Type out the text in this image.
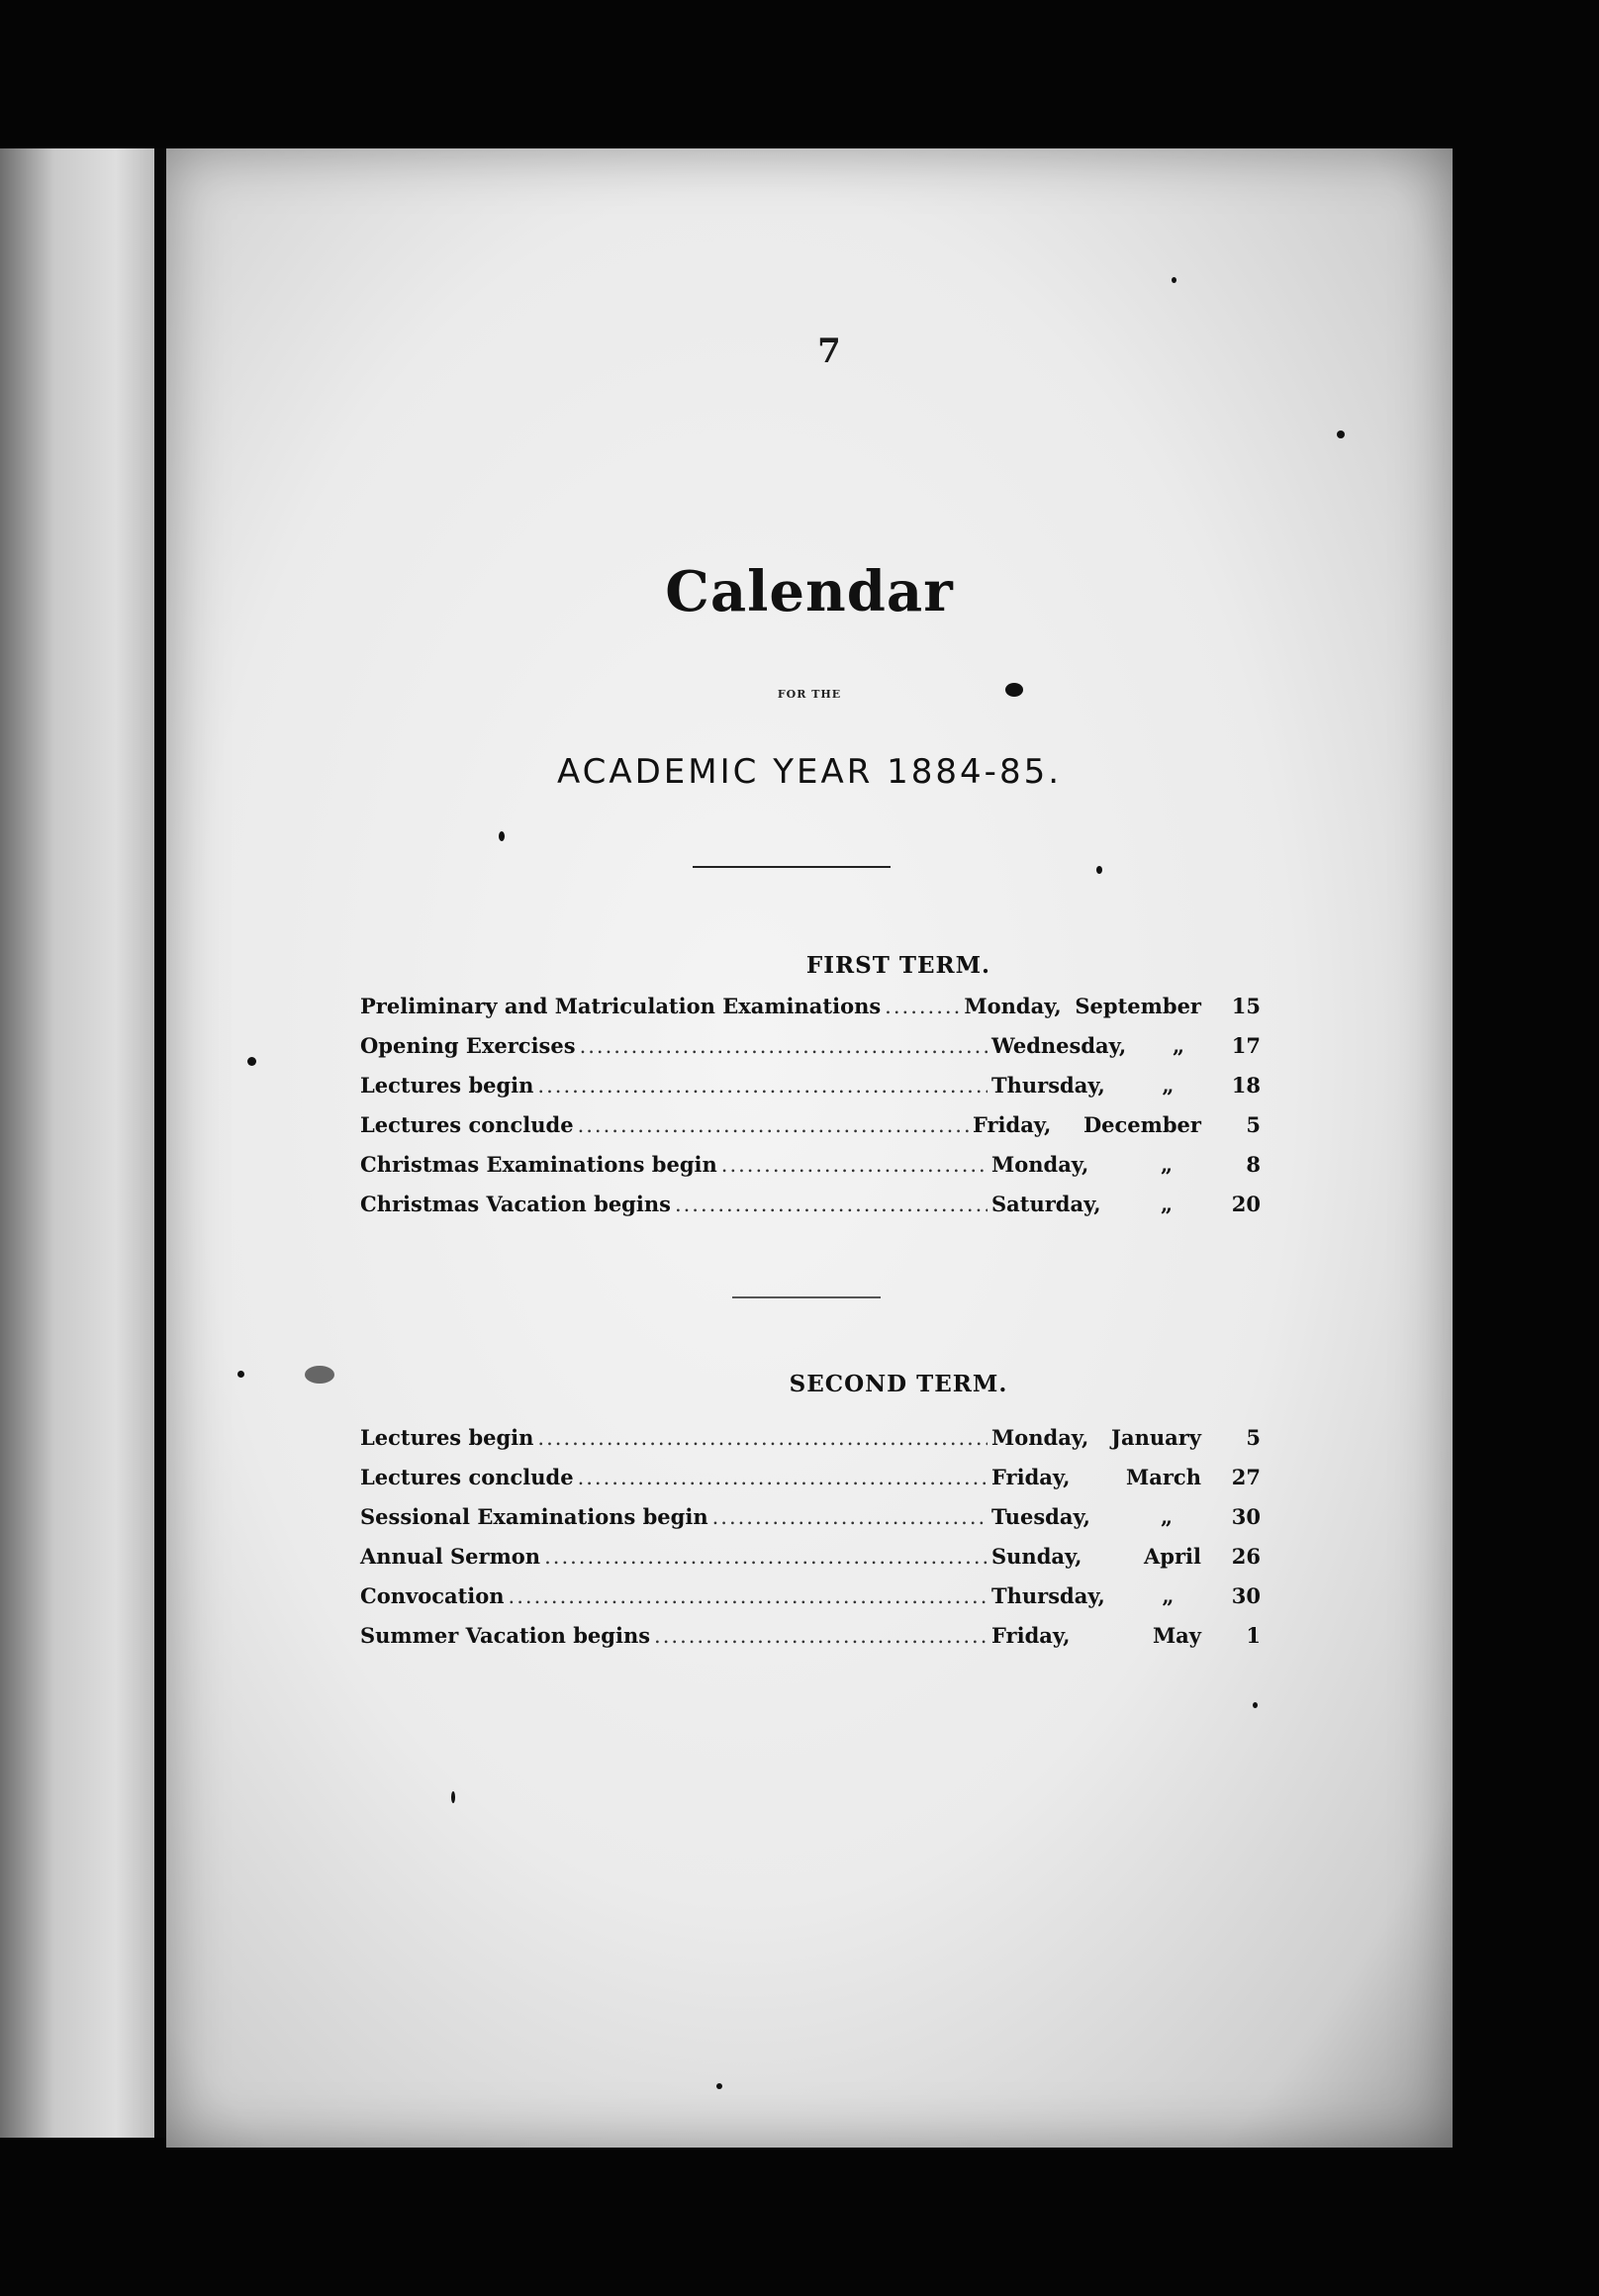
7
Calendar
FOR THE
ACADEMIC YEAR 1884-85.
FIRST TERM.
Preliminary and Matriculation Examinations .....	Monday, September	15
Opening Exercises .....	Wednesday,	„	17
Lectures begin .....	Thursday,	„	18
Lectures conclude .....	Friday,	December	5
Christmas Examinations begin .....	Monday,	„	8
Christmas Vacation begins .....	Saturday,	„	20
SECOND TERM.
Lectures begin .....	Monday,	January	5
Lectures conclude .....	Friday,	March	27
Sessional Examinations begin .....	Tuesday,	„	30
Annual Sermon .....	Sunday,	April	26
Convocation .....	Thursday,	„	30
Summer Vacation begins .....	Friday,	May	1
